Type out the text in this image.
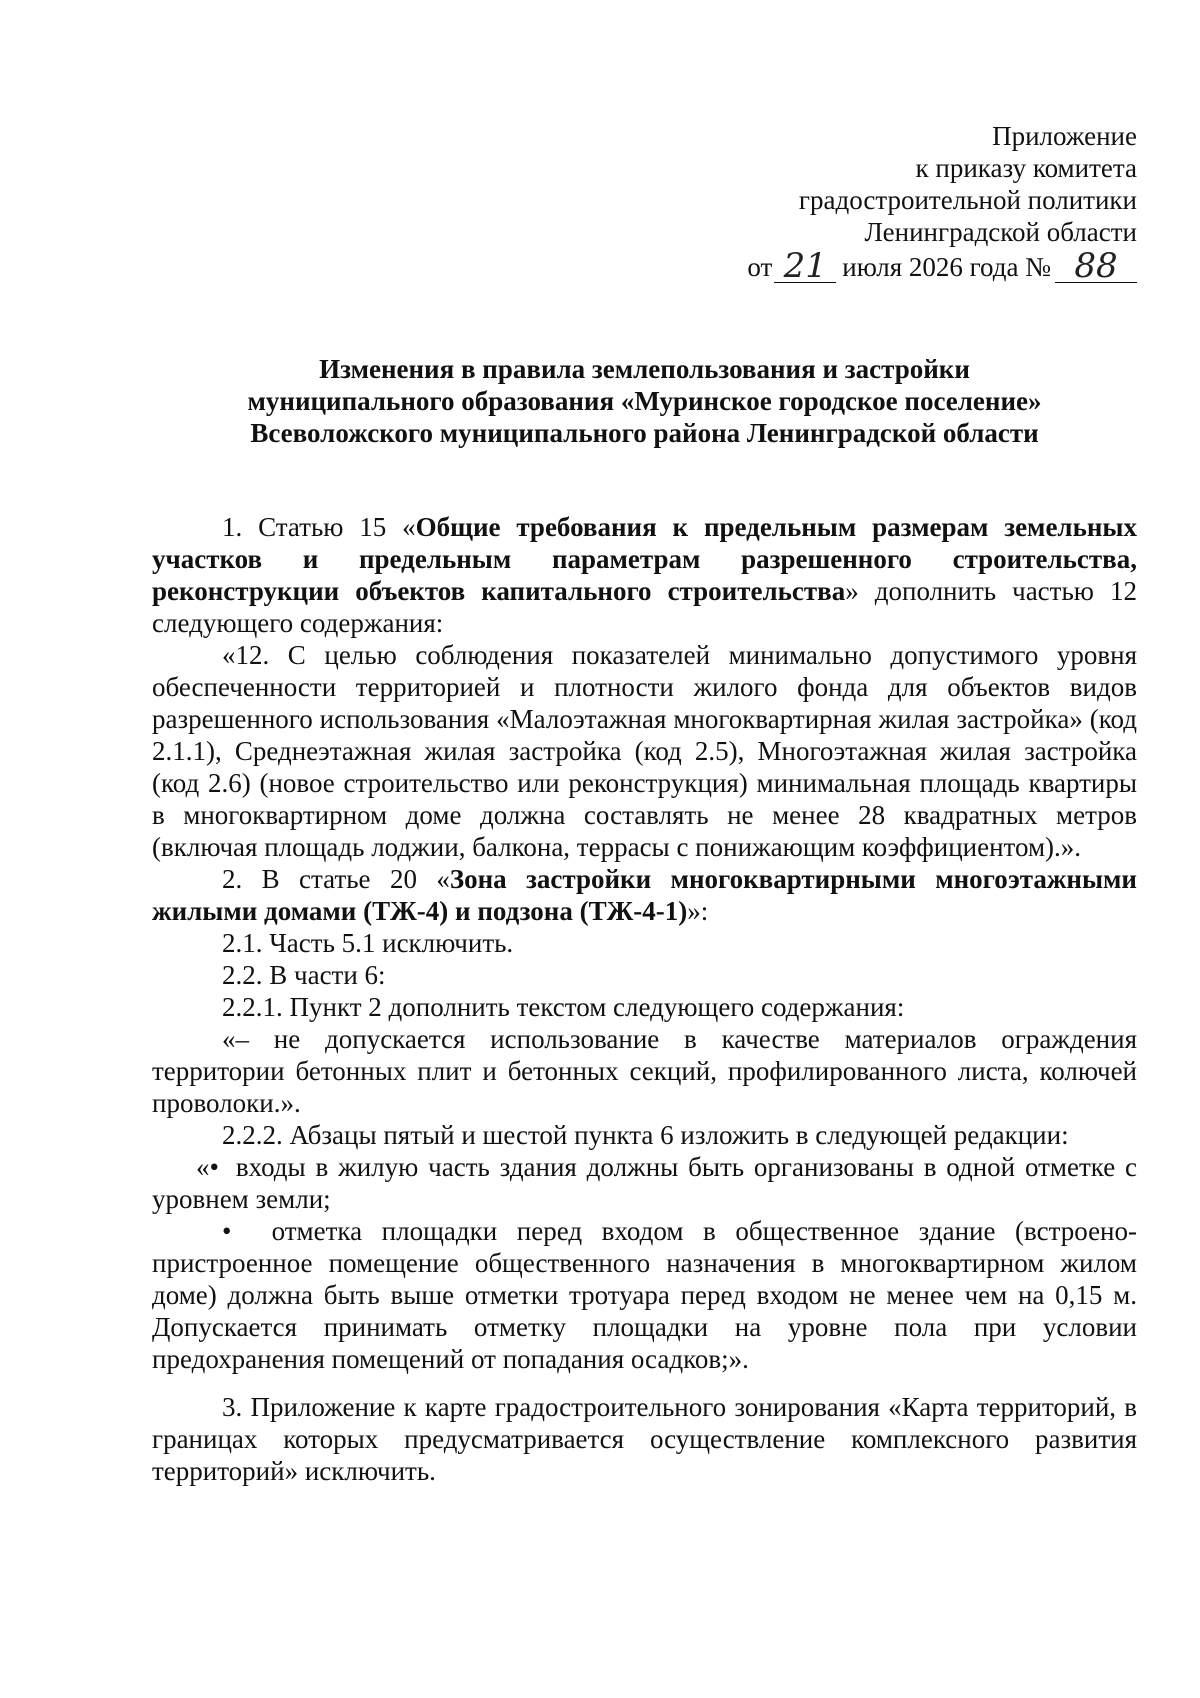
Приложение
к приказу комитета
градостроительной политики
Ленинградской области
от 21 июля 2026 года № 88
Изменения в правила землепользования и застройки
муниципального образования «Муринское городское поселение»
Всеволожского муниципального района Ленинградской области

1. Статью 15 «Общие требования к предельным размерам земельных участков и предельным параметрам разрешенного строительства, реконструкции объектов капитального строительства» дополнить частью 12 следующего содержания:

«12. С целью соблюдения показателей минимально допустимого уровня обеспеченности территорией и плотности жилого фонда для объектов видов разрешенного использования «Малоэтажная многоквартирная жилая застройка» (код 2.1.1), Среднеэтажная жилая застройка (код 2.5), Многоэтажная жилая застройка (код 2.6) (новое строительство или реконструкция) минимальная площадь квартиры в многоквартирном доме должна составлять не менее 28 квадратных метров (включая площадь лоджии, балкона, террасы с понижающим коэффициентом).».

2. В статье 20 «Зона застройки многоквартирными многоэтажными жилыми домами (ТЖ-4) и подзона (ТЖ-4-1)»:

2.1. Часть 5.1 исключить.

2.2. В части 6:

2.2.1. Пункт 2 дополнить текстом следующего содержания:

«– не допускается использование в качестве материалов ограждения территории бетонных плит и бетонных секций, профилированного листа, колючей проволоки.».

2.2.2. Абзацы пятый и шестой пункта 6 изложить в следующей редакции:

«• входы в жилую часть здания должны быть организованы в одной отметке с уровнем земли;

• отметка площадки перед входом в общественное здание (встроено-пристроенное помещение общественного назначения в многоквартирном жилом доме) должна быть выше отметки тротуара перед входом не менее чем на 0,15 м. Допускается принимать отметку площадки на уровне пола при условии предохранения помещений от попадания осадков;».

3. Приложение к карте градостроительного зонирования «Карта территорий, в границах которых предусматривается осуществление комплексного развития территорий» исключить.
